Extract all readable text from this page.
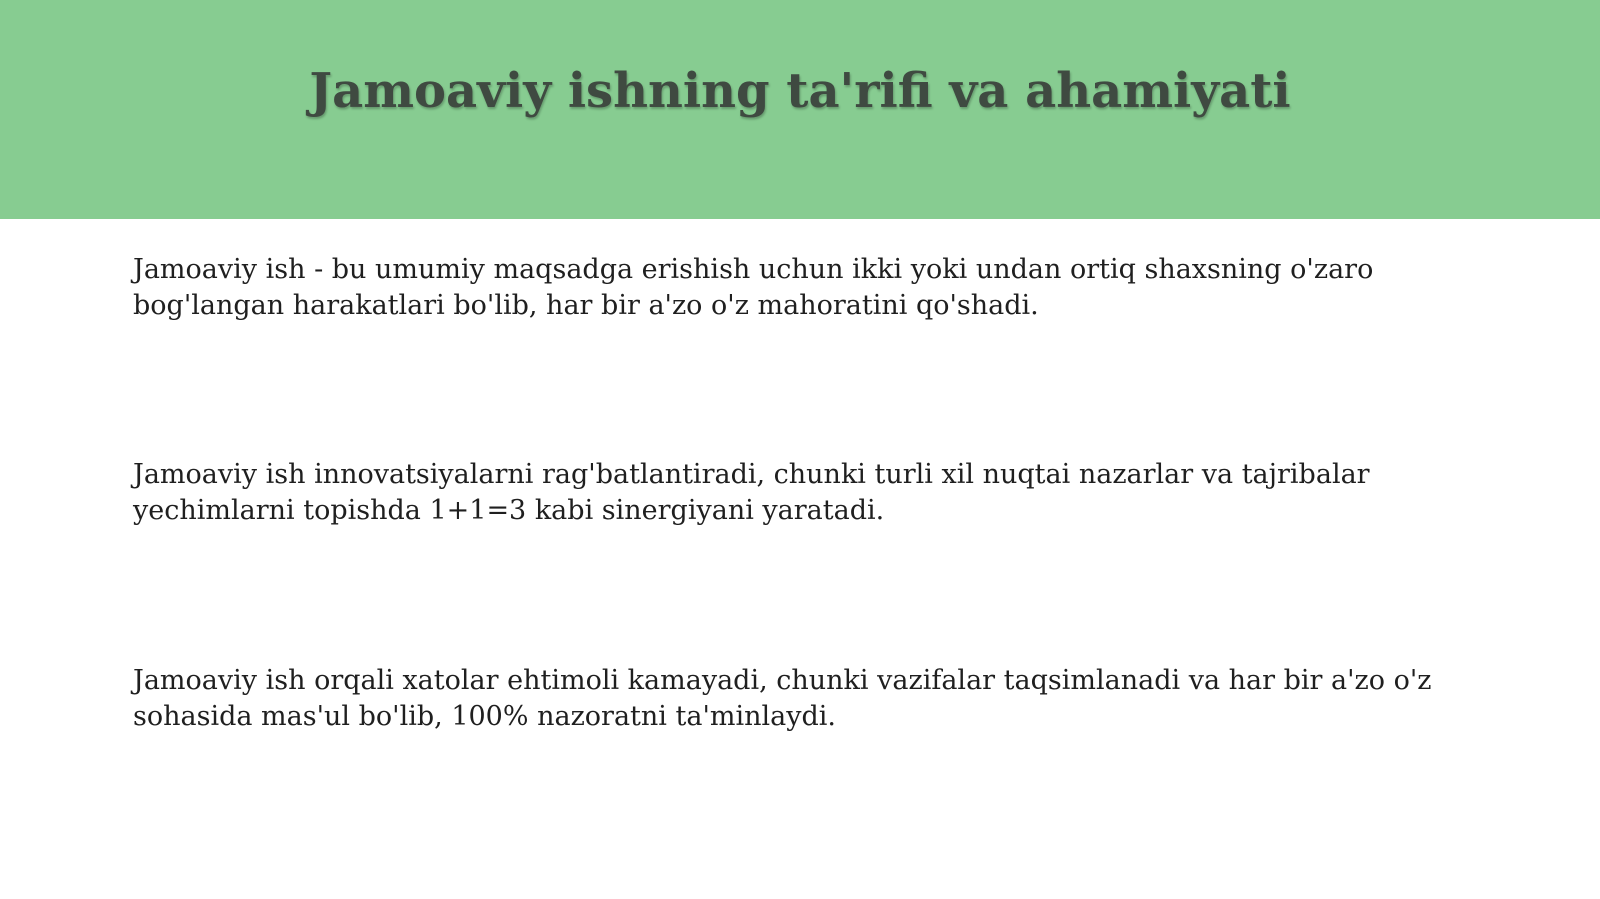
Jamoaviy ishning ta'rifi va ahamiyati

Jamoaviy ish - bu umumiy maqsadga erishish uchun ikki yoki undan ortiq shaxsning o'zaro bog'langan harakatlari bo'lib, har bir a'zo o'z mahoratini qo'shadi.

Jamoaviy ish innovatsiyalarni rag'batlantiradi, chunki turli xil nuqtai nazarlar va tajribalar yechimlarni topishda 1+1=3 kabi sinergiyani yaratadi.

Jamoaviy ish orqali xatolar ehtimoli kamayadi, chunki vazifalar taqsimlanadi va har bir a'zo o'z sohasida mas'ul bo'lib, 100% nazoratni ta'minlaydi.
